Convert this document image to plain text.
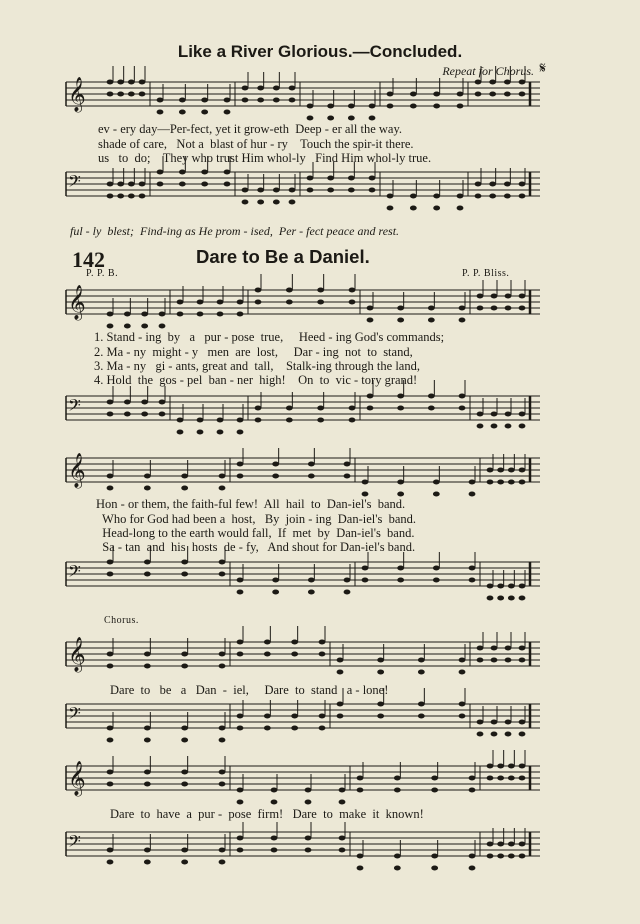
𝄞
𝄢
𝄞
𝄢
𝄞
𝄢
𝄞
𝄢
𝄞
𝄢
Like a River Glorious.—Concluded.
Repeat for Chorus. 𝄋
ev - ery day—Per-fect, yet it grow-eth  Deep - er all the way.
shade of care,   Not a  blast of hur - ry    Touch the spir-it there.
us   to  do;    They who trust Him whol-ly   Find Him whol-ly true.
ful - ly  blest;  Find-ing as He prom - ised,  Per - fect peace and rest.
142	Dare to Be a Daniel.
P. P. B.	P. P. Bliss.
1. Stand - ing  by   a   pur - pose  true,     Heed - ing God's commands;
2. Ma - ny  might - y   men  are  lost,     Dar - ing  not  to  stand,
3. Ma - ny   gi - ants, great and  tall,    Stalk-ing through the land,
4. Hold  the  gos - pel  ban - ner  high!    On  to  vic - tory grand!
Hon - or them, the faith-ful few!  All  hail  to  Dan-iel's  band.
Who for God had been a  host,   By  join - ing  Dan-iel's  band.
Head-long to the earth would fall,  If  met  by  Dan-iel's  band.
Sa - tan  and  his  hosts  de - fy,   And shout for Dan-iel's band.
Chorus.
Dare  to   be   a   Dan  -  iel,     Dare  to  stand   a - lone!
Dare  to  have  a  pur -  pose  firm!   Dare  to  make  it  known!
